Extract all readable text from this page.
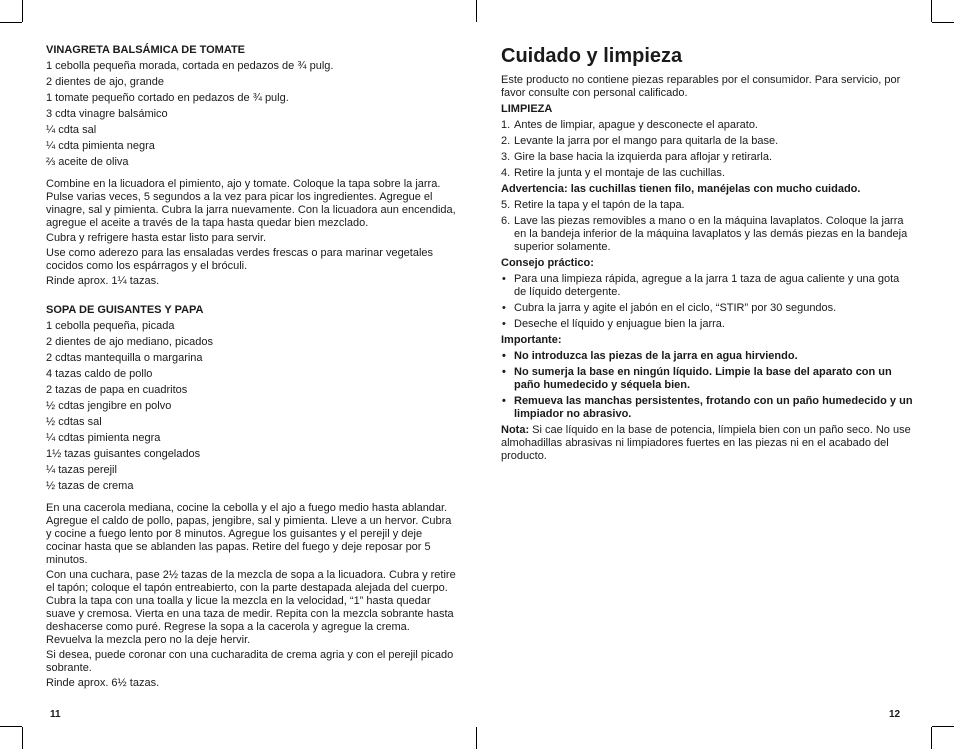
VINAGRETA BALSÁMICA DE TOMATE
1 cebolla pequeña morada, cortada en pedazos de ¾ pulg.
2 dientes de ajo, grande
1 tomate pequeño cortado en pedazos de ¾ pulg.
3 cdta vinagre balsámico
¼ cdta sal
¼ cdta pimienta negra
⅔ aceite de oliva

Combine en la licuadora el pimiento, ajo y tomate. Coloque la tapa sobre la jarra. Pulse varias veces, 5 segundos a la vez para picar los ingredientes. Agregue el vinagre, sal y pimienta. Cubra la jarra nuevamente. Con la licuadora aun encendida, agregue el aceite a través de la tapa hasta quedar bien mezclado.

Cubra y refrigere hasta estar listo para servir.

Use como aderezo para las ensaladas verdes frescas o para marinar vegetales cocidos como los espárragos y el bróculi.

Rinde aprox. 1¼ tazas.

SOPA DE GUISANTES Y PAPA
1 cebolla pequeña, picada
2 dientes de ajo mediano, picados
2 cdtas mantequilla o margarina
4 tazas caldo de pollo
2 tazas de papa en cuadritos
½ cdtas jengibre en polvo
½ cdtas sal
¼ cdtas pimienta negra
1½ tazas guisantes congelados
¼ tazas perejil
½ tazas de crema

En una cacerola mediana, cocine la cebolla y el ajo a fuego medio hasta ablandar. Agregue el caldo de pollo, papas, jengibre, sal y pimienta. Lleve a un hervor. Cubra y cocine a fuego lento por 8 minutos. Agregue los guisantes y el perejil y deje cocinar hasta que se ablanden las papas. Retire del fuego y deje reposar por 5 minutos.

Con una cuchara, pase 2½ tazas de la mezcla de sopa a la licuadora. Cubra y retire el tapón; coloque el tapón entreabierto, con la parte destapada alejada del cuerpo. Cubra la tapa con una toalla y licue la mezcla en la velocidad, “1” hasta quedar suave y cremosa. Vierta en una taza de medir. Repita con la mezcla sobrante hasta deshacerse como puré. Regrese la sopa a la cacerola y agregue la crema. Revuelva la mezcla pero no la deje hervir.

Si desea, puede coronar con una cucharadita de crema agria y con el perejil picado sobrante.

Rinde aprox. 6½ tazas.

11
Cuidado y limpieza

Este producto no contiene piezas reparables por el consumidor. Para servicio, por favor consulte con personal calificado.

LIMPIEZA
1. Antes de limpiar, apague y desconecte el aparato.
2. Levante la jarra por el mango para quitarla de la base.
3. Gire la base hacia la izquierda para aflojar y retirarla.
4. Retire la junta y el montaje de las cuchillas.
Advertencia: las cuchillas tienen filo, manéjelas con mucho cuidado.
5. Retire la tapa y el tapón de la tapa.
6. Lave las piezas removibles a mano o en la máquina lavaplatos. Coloque la jarra en la bandeja inferior de la máquina lavaplatos y las demás piezas en la bandeja superior solamente.
Consejo práctico:
• Para una limpieza rápida, agregue a la jarra 1 taza de agua caliente y una gota de líquido detergente.
• Cubra la jarra y agite el jabón en el ciclo, “STIR” por 30 segundos.
• Deseche el líquido y enjuague bien la jarra.
Importante:
• No introduzca las piezas de la jarra en agua hirviendo.
• No sumerja la base en ningún líquido. Limpie la base del aparato con un paño humedecido y séquela bien.
• Remueva las manchas persistentes, frotando con un paño humedecido y un limpiador no abrasivo.

Nota: Si cae líquido en la base de potencia, límpiela bien con un paño seco. No use almohadillas abrasivas ni limpiadores fuertes en las piezas ni en el acabado del producto.

12
